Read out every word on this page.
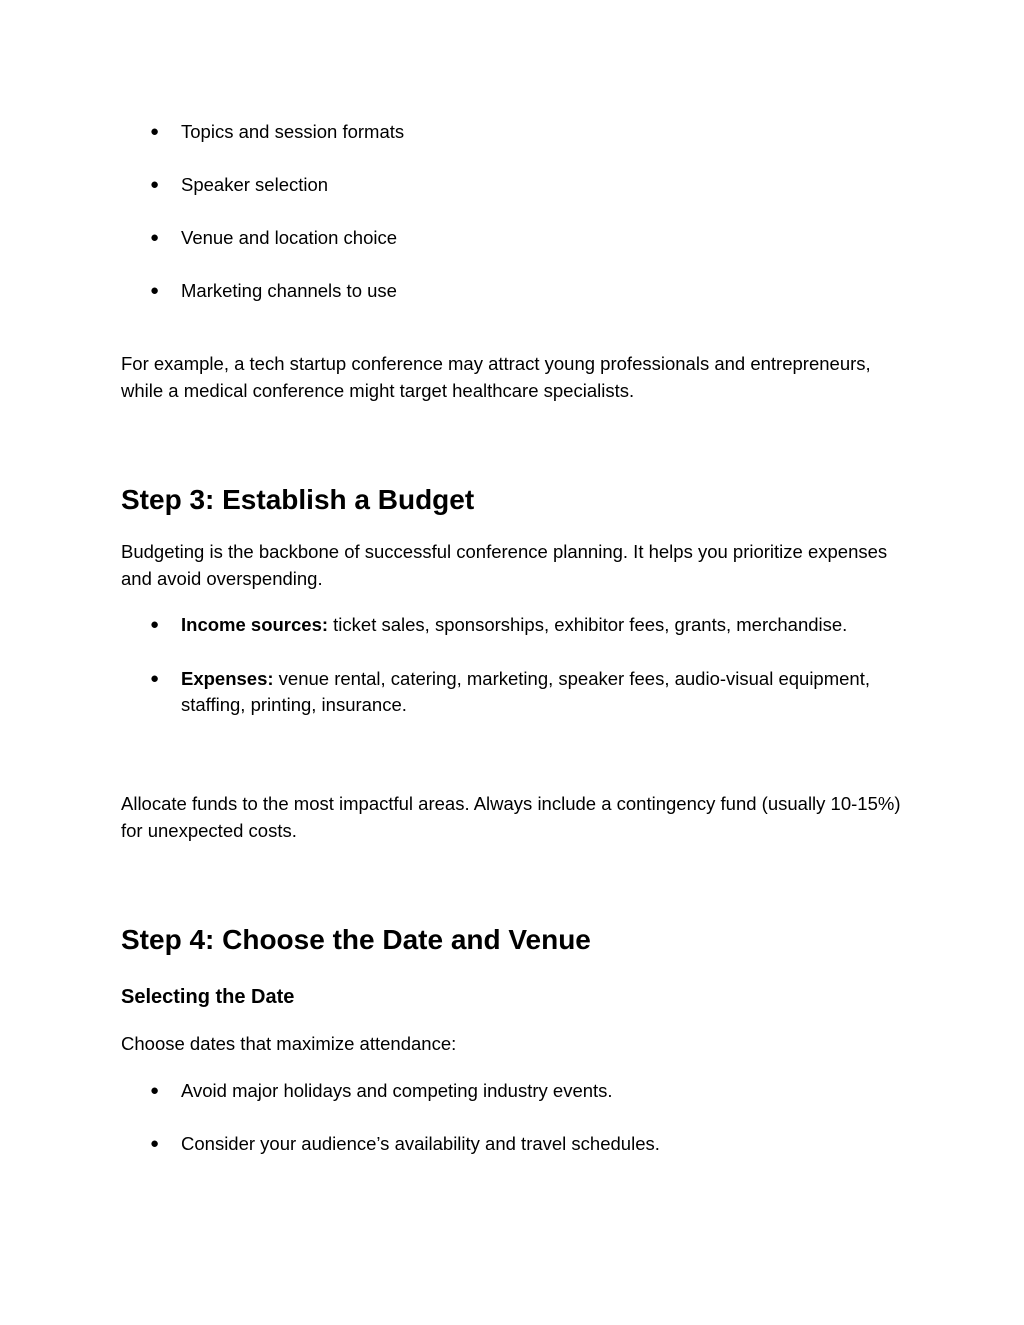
● Topics and session formats
● Speaker selection
● Venue and location choice
● Marketing channels to use

For example, a tech startup conference may attract young professionals and entrepreneurs, while a medical conference might target healthcare specialists.

Step 3: Establish a Budget

Budgeting is the backbone of successful conference planning. It helps you prioritize expenses and avoid overspending.

● Income sources: ticket sales, sponsorships, exhibitor fees, grants, merchandise.
● Expenses: venue rental, catering, marketing, speaker fees, audio-visual equipment, staffing, printing, insurance.

Allocate funds to the most impactful areas. Always include a contingency fund (usually 10-15%) for unexpected costs.

Step 4: Choose the Date and Venue
Selecting the Date

Choose dates that maximize attendance:

● Avoid major holidays and competing industry events.
● Consider your audience’s availability and travel schedules.
